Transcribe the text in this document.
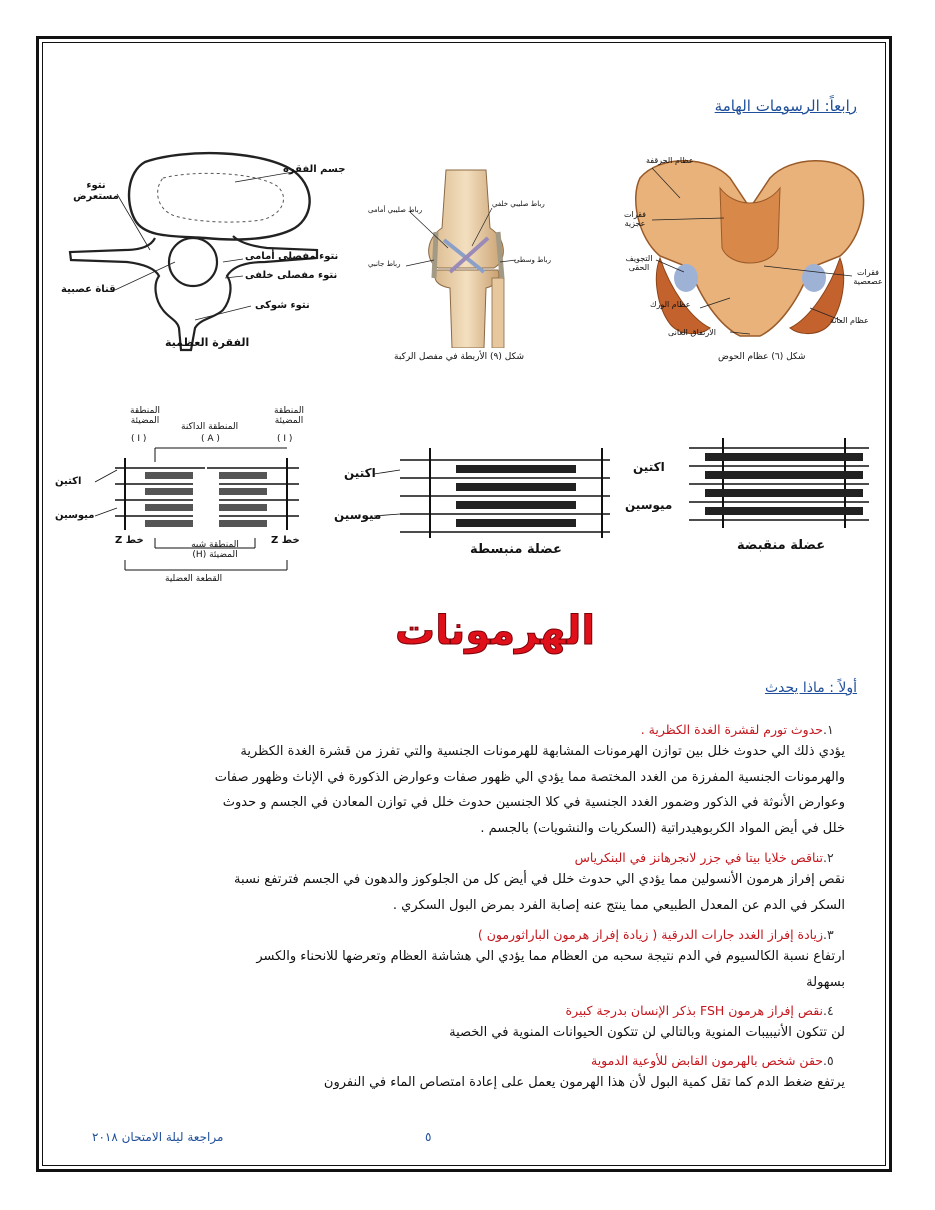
رابعاً: الرسومات الهامة
جسم الفقرة
نتوء مستعرض
نتوء مفصلى أمامى
نتوء مفصلى خلفى
قناة عصبية
نتوء شوكى
الفقرة العظمية
رباط صليبي خلفي
رباط صليبي أمامى
رباط جانبي	رباط وسطى
شكل (٩) الأربطة في مفصل الركبة
عظام الحرقفة
فقرات عجزية
فقرات عصعصية
التجويف الحقى
عظام الورك
عظام العانة
الارتفاق العانى
شكل (٦) عظام الحوض
المنطقة المضيئة
( I )
المنطقة الداكنة
( A )
المنطقة المضيئة
( I )
اكتين
ميوسين
خط Z	خط Z
المنطقة شبه المضيئة (H)
القطعة العضلية
اكتين
ميوسين
عضلة منبسطة
اكتين
ميوسين
عضلة منقبضة
الهرمونات
أولاً : ماذا يحدث
١.حدوث تورم لقشرة الغدة الكظرية .
يؤدي ذلك الي حدوث خلل بين توازن الهرمونات المشابهة للهرمونات الجنسية والتي تفرز من قشرة الغدة الكظرية
والهرمونات الجنسية المفرزة من الغدد المختصة مما يؤدي الي ظهور صفات وعوارض الذكورة في الإناث وظهور صفات
وعوارض الأنوثة في الذكور وضمور الغدد الجنسية في كلا الجنسين حدوث خلل في توازن المعادن في الجسم و حدوث
خلل في أيض المواد الكربوهيدراتية (السكريات والنشويات) بالجسم .
٢.تناقص خلايا بيتا في جزر لانجرهانز في البنكرياس
نقص إفراز هرمون الأنسولين مما يؤدي الي حدوث خلل في أيض كل من الجلوكوز والدهون في الجسم فترتفع نسبة
السكر في الدم عن المعدل الطبيعي مما ينتج عنه إصابة الفرد بمرض البول السكري .
٣.زيادة إفراز الغدد جارات الدرقية ( زيادة إفراز هرمون الباراثورمون )
ارتفاع نسبة الكالسيوم في الدم نتيجة سحبه من العظام مما يؤدي الي هشاشة العظام وتعرضها للانحناء والكسر
بسهولة
٤.نقص إفراز هرمون FSH بذكر الإنسان بدرجة كبيرة
لن تتكون الأنيبيبات المنوية وبالتالي لن تتكون الحيوانات المنوية في الخصية
٥.حقن شخص بالهرمون القابض للأوعية الدموية
يرتفع ضغط الدم كما تقل كمية البول لأن هذا الهرمون يعمل على إعادة امتصاص الماء في النفرون
٥
مراجعة ليلة الامتحان ٢٠١٨
